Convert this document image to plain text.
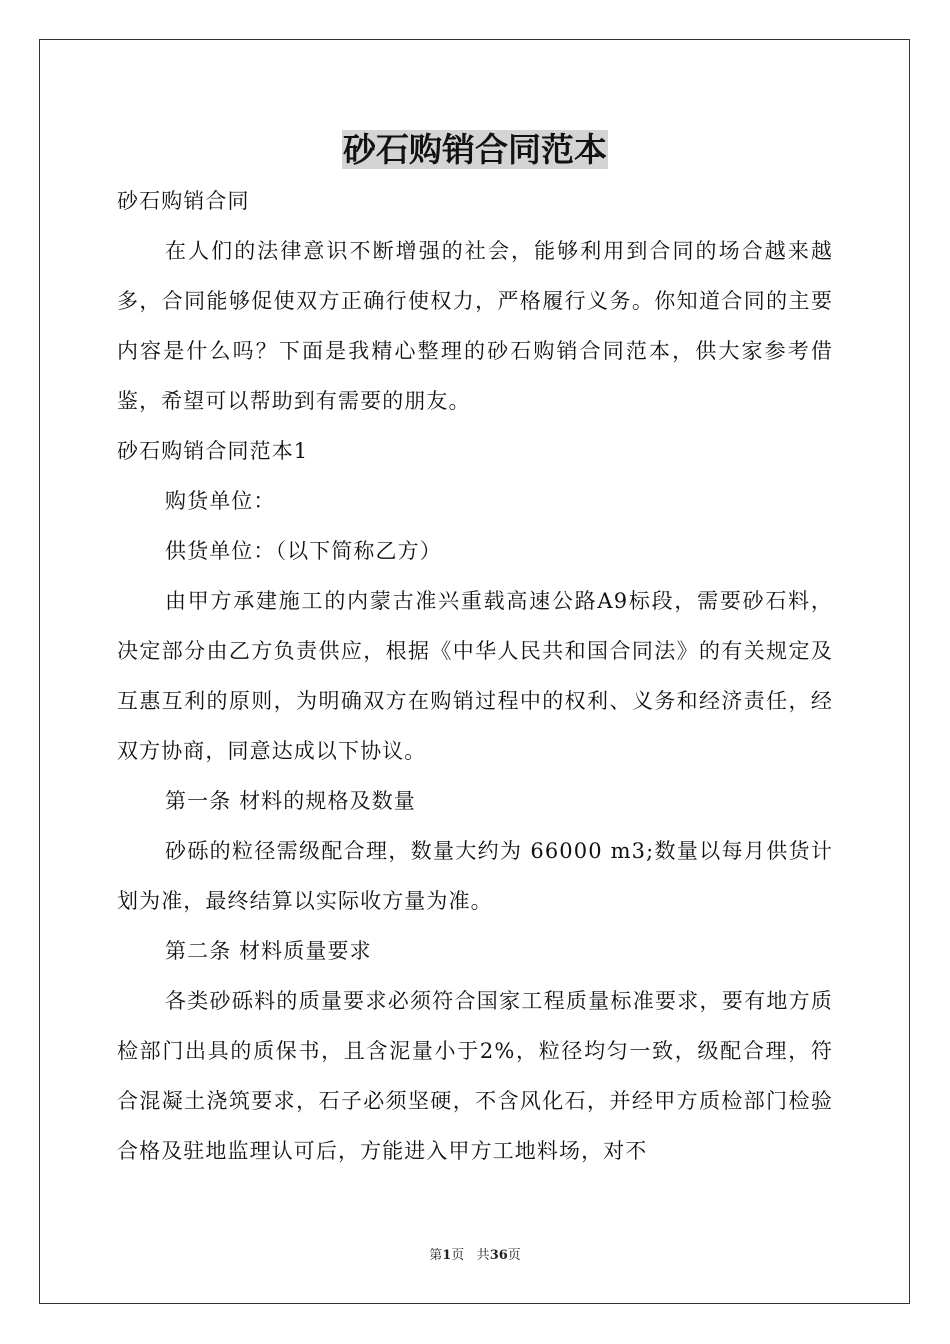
砂石购销合同范本

砂石购销合同

在人们的法律意识不断增强的社会，能够利用到合同的场合越来越多，合同能够促使双方正确行使权力，严格履行义务。你知道合同的主要内容是什么吗？下面是我精心整理的砂石购销合同范本，供大家参考借鉴，希望可以帮助到有需要的朋友。

砂石购销合同范本1

购货单位：

供货单位：（以下简称乙方）

由甲方承建施工的内蒙古准兴重载高速公路A9标段，需要砂石料，决定部分由乙方负责供应，根据《中华人民共和国合同法》的有关规定及互惠互利的原则，为明确双方在购销过程中的权利、义务和经济责任，经双方协商，同意达成以下协议。

第一条 材料的规格及数量

砂砾的粒径需级配合理，数量大约为 66000 m3;数量以每月供货计划为准，最终结算以实际收方量为准。

第二条 材料质量要求

各类砂砾料的质量要求必须符合国家工程质量标准要求，要有地方质检部门出具的质保书，且含泥量小于2%，粒径均匀一致，级配合理，符合混凝土浇筑要求，石子必须坚硬，不含风化石，并经甲方质检部门检验合格及驻地监理认可后，方能进入甲方工地料场，对不

第1页 共36页
